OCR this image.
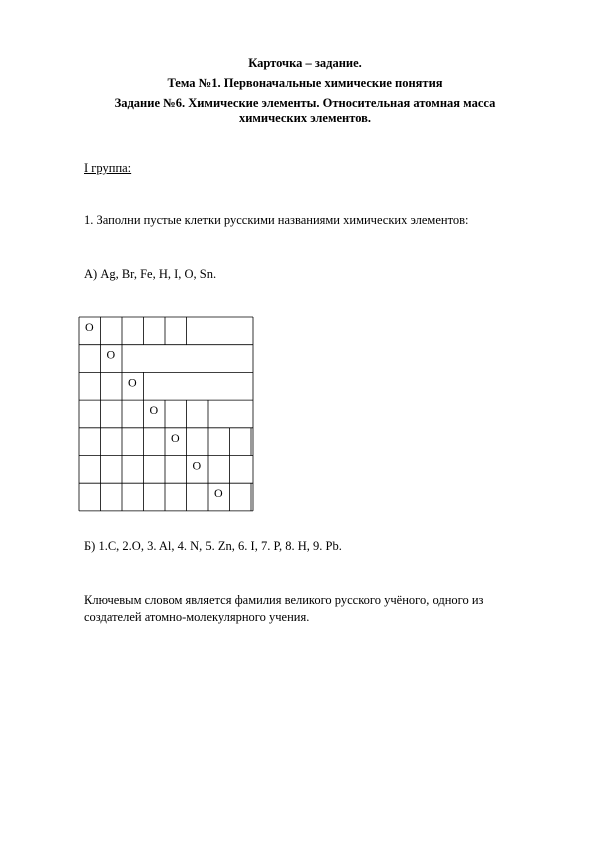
Карточка – задание.
Тема №1. Первоначальные химические понятия
Задание №6. Химические элементы. Относительная атомная масса
химических элементов.
I группа:
1. Заполни пустые клетки русскими названиями химических элементов:
А) Ag, Br, Fe, H, I, O, Sn.
О
О
О
О
О
О
О
Б) 1.C, 2.O, 3. Al, 4. N, 5. Zn, 6. I, 7. P, 8. H, 9. Pb.
Ключевым словом является фамилия великого русского учёного, одного из создателей атомно-молекулярного учения.
